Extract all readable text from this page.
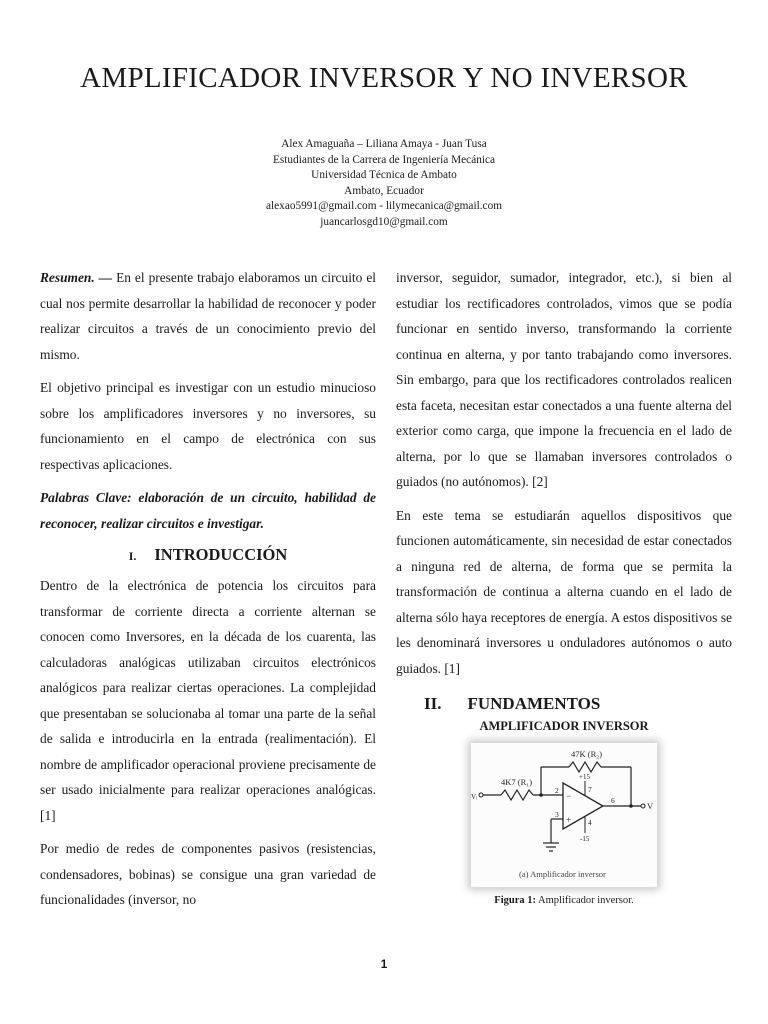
AMPLIFICADOR INVERSOR Y NO INVERSOR
Alex Amaguaña – Liliana Amaya - Juan Tusa
Estudiantes de la Carrera de Ingeniería Mecánica
Universidad Técnica de Ambato
Ambato, Ecuador
alexao5991@gmail.com - lilymecanica@gmail.com
juancarlosgd10@gmail.com

Resumen. — En el presente trabajo elaboramos un circuito el cual nos permite desarrollar la habilidad de reconocer y poder realizar circuitos a través de un conocimiento previo del mismo.

El objetivo principal es investigar con un estudio minucioso sobre los amplificadores inversores y no inversores, su funcionamiento en el campo de electrónica con sus respectivas aplicaciones.

Palabras Clave: elaboración de un circuito, habilidad de reconocer, realizar circuitos e investigar.

I. INTRODUCCIÓN

Dentro de la electrónica de potencia los circuitos para transformar de corriente directa a corriente alternan se conocen como Inversores, en la década de los cuarenta, las calculadoras analógicas utilizaban circuitos electrónicos analógicos para realizar ciertas operaciones. La complejidad que presentaban se solucionaba al tomar una parte de la señal de salida e introducirla en la entrada (realimentación). El nombre de amplificador operacional proviene precisamente de ser usado inicialmente para realizar operaciones analógicas. [1]

Por medio de redes de componentes pasivos (resistencias, condensadores, bobinas) se consigue una gran variedad de funcionalidades (inversor, no

inversor, seguidor, sumador, integrador, etc.), si bien al estudiar los rectificadores controlados, vimos que se podía funcionar en sentido inverso, transformando la corriente continua en alterna, y por tanto trabajando como inversores. Sin embargo, para que los rectificadores controlados realicen esta faceta, necesitan estar conectados a una fuente alterna del exterior como carga, que impone la frecuencia en el lado de alterna, por lo que se llamaban inversores controlados o guiados (no autónomos). [2]

En este tema se estudiarán aquellos dispositivos que funcionen automáticamente, sin necesidad de estar conectados a ninguna red de alterna, de forma que se permita la transformación de continua a alterna cuando en el lado de alterna sólo haya receptores de energía. A estos dispositivos se les denominará inversores u onduladores autónomos o auto guiados. [1]

II. FUNDAMENTOS
AMPLIFICADOR INVERSOR
47K (R₂)
4K7 (R₁)
Vᵢ
V
2
3
4
6
7
+15
-15
−
+
(a) Amplificador inversor
Figura 1: Amplificador inversor.
1
